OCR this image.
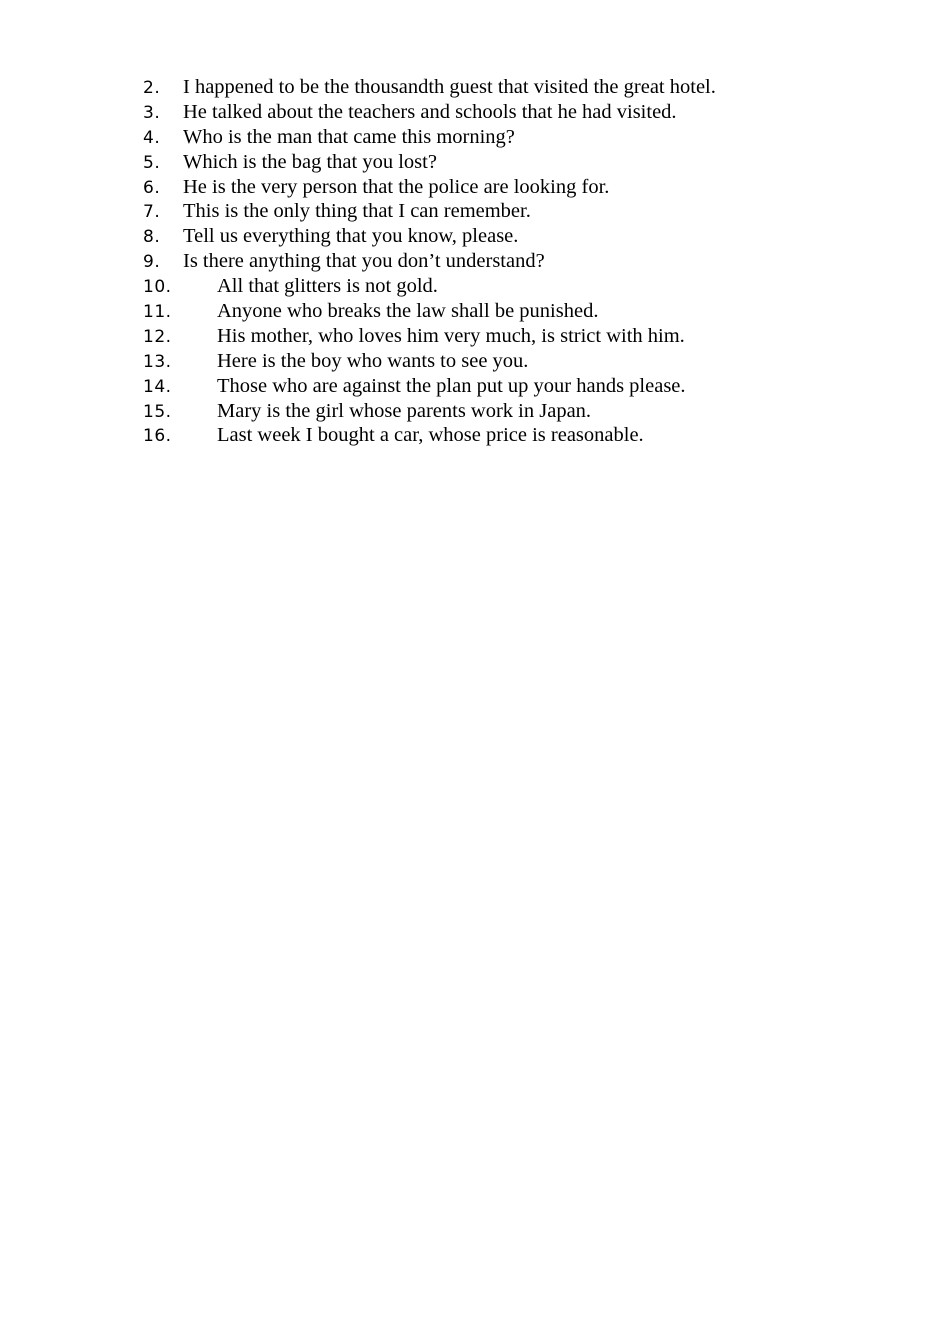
2.	I happened to be the thousandth guest that visited the great hotel.
3.	He talked about the teachers and schools that he had visited.
4.	Who is the man that came this morning?
5.	Which is the bag that you lost?
6.	He is the very person that the police are looking for.
7.	This is the only thing that I can remember.
8.	Tell us everything that you know, please.
9.	Is there anything that you don’t understand?
10.	All that glitters is not gold.
11.	Anyone who breaks the law shall be punished.
12.	His mother, who loves him very much, is strict with him.
13.	Here is the boy who wants to see you.
14.	Those who are against the plan put up your hands please.
15.	Mary is the girl whose parents work in Japan.
16.	Last week I bought a car, whose price is reasonable.
